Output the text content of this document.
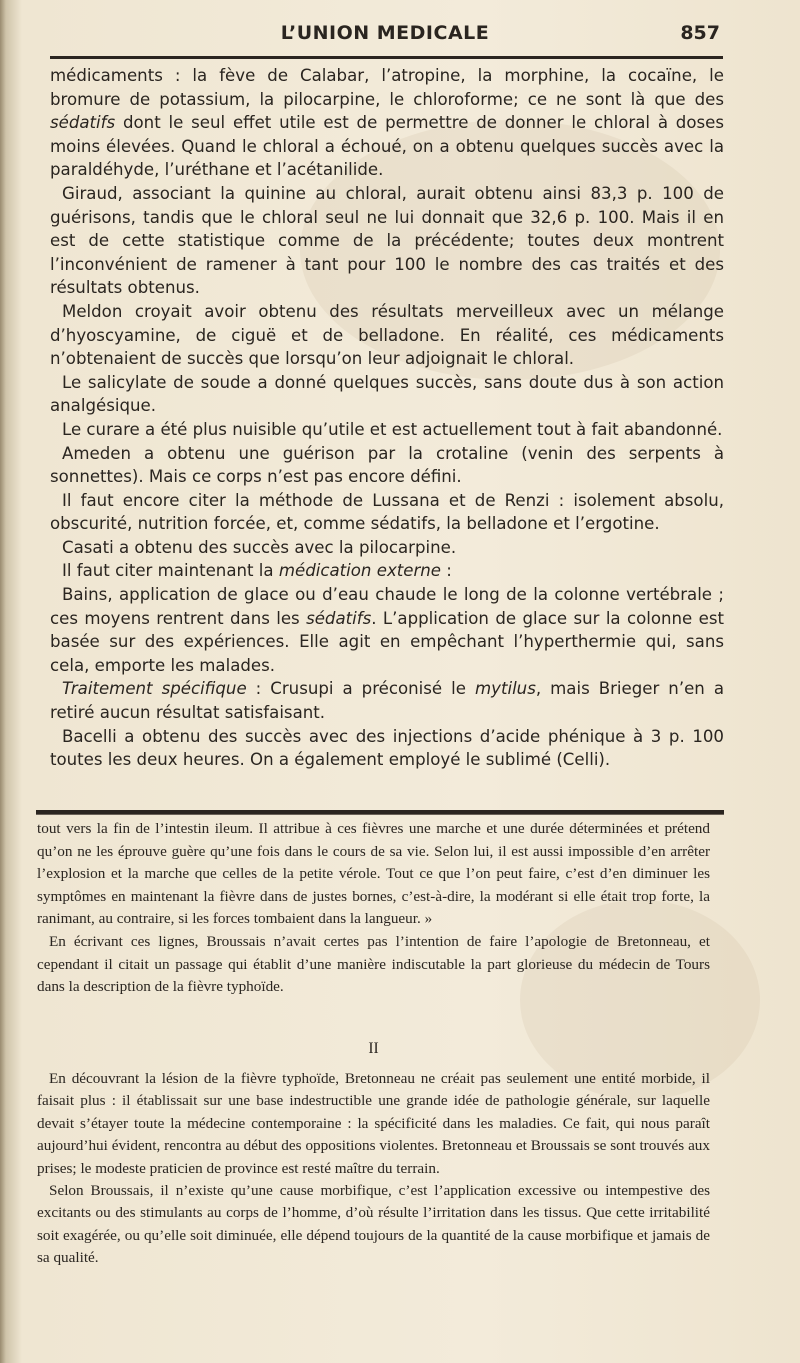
L’UNION MEDICALE	857

médicaments : la fève de Calabar, l’atropine, la morphine, la cocaïne, le bromure de potassium, la pilocarpine, le chloroforme; ce ne sont là que des sédatifs dont le seul effet utile est de permettre de donner le chloral à doses moins élevées. Quand le chloral a échoué, on a obtenu quelques succès avec la paraldéhyde, l’uréthane et l’acétanilide.

Giraud, associant la quinine au chloral, aurait obtenu ainsi 83,3 p. 100 de guérisons, tandis que le chloral seul ne lui donnait que 32,6 p. 100. Mais il en est de cette statistique comme de la précédente; toutes deux montrent l’inconvénient de ramener à tant pour 100 le nombre des cas traités et des résultats obtenus.

Meldon croyait avoir obtenu des résultats merveilleux avec un mélange d’hyoscyamine, de ciguë et de belladone. En réalité, ces médicaments n’obtenaient de succès que lorsqu’on leur adjoignait le chloral.

Le salicylate de soude a donné quelques succès, sans doute dus à son action analgésique.

Le curare a été plus nuisible qu’utile et est actuellement tout à fait abandonné.

Ameden a obtenu une guérison par la crotaline (venin des serpents à sonnettes). Mais ce corps n’est pas encore défini.

Il faut encore citer la méthode de Lussana et de Renzi : isolement absolu, obscurité, nutrition forcée, et, comme sédatifs, la belladone et l’ergotine.

Casati a obtenu des succès avec la pilocarpine.

Il faut citer maintenant la médication externe :

Bains, application de glace ou d’eau chaude le long de la colonne vertébrale ; ces moyens rentrent dans les sédatifs. L’application de glace sur la colonne est basée sur des expériences. Elle agit en empêchant l’hyperthermie qui, sans cela, emporte les malades.

Traitement spécifique : Crusupi a préconisé le mytilus, mais Brieger n’en a retiré aucun résultat satisfaisant.

Bacelli a obtenu des succès avec des injections d’acide phénique à 3 p. 100 toutes les deux heures. On a également employé le sublimé (Celli).

tout vers la fin de l’intestin ileum. Il attribue à ces fièvres une marche et une durée déterminées et prétend qu’on ne les éprouve guère qu’une fois dans le cours de sa vie. Selon lui, il est aussi impossible d’en arrêter l’explosion et la marche que celles de la petite vérole. Tout ce que l’on peut faire, c’est d’en diminuer les symptômes en maintenant la fièvre dans de justes bornes, c’est-à-dire, la modérant si elle était trop forte, la ranimant, au contraire, si les forces tombaient dans la langueur. »

En écrivant ces lignes, Broussais n’avait certes pas l’intention de faire l’apologie de Bretonneau, et cependant il citait un passage qui établit d’une manière indiscutable la part glorieuse du médecin de Tours dans la description de la fièvre typhoïde.

II

En découvrant la lésion de la fièvre typhoïde, Bretonneau ne créait pas seulement une entité morbide, il faisait plus : il établissait sur une base indestructible une grande idée de pathologie générale, sur laquelle devait s’étayer toute la médecine contemporaine : la spécificité dans les maladies. Ce fait, qui nous paraît aujourd’hui évident, rencontra au début des oppositions violentes. Bretonneau et Broussais se sont trouvés aux prises; le modeste praticien de province est resté maître du terrain.

Selon Broussais, il n’existe qu’une cause morbifique, c’est l’application excessive ou intempestive des excitants ou des stimulants au corps de l’homme, d’où résulte l’irritation dans les tissus. Que cette irritabilité soit exagérée, ou qu’elle soit diminuée, elle dépend toujours de la quantité de la cause morbifique et jamais de sa qualité.
